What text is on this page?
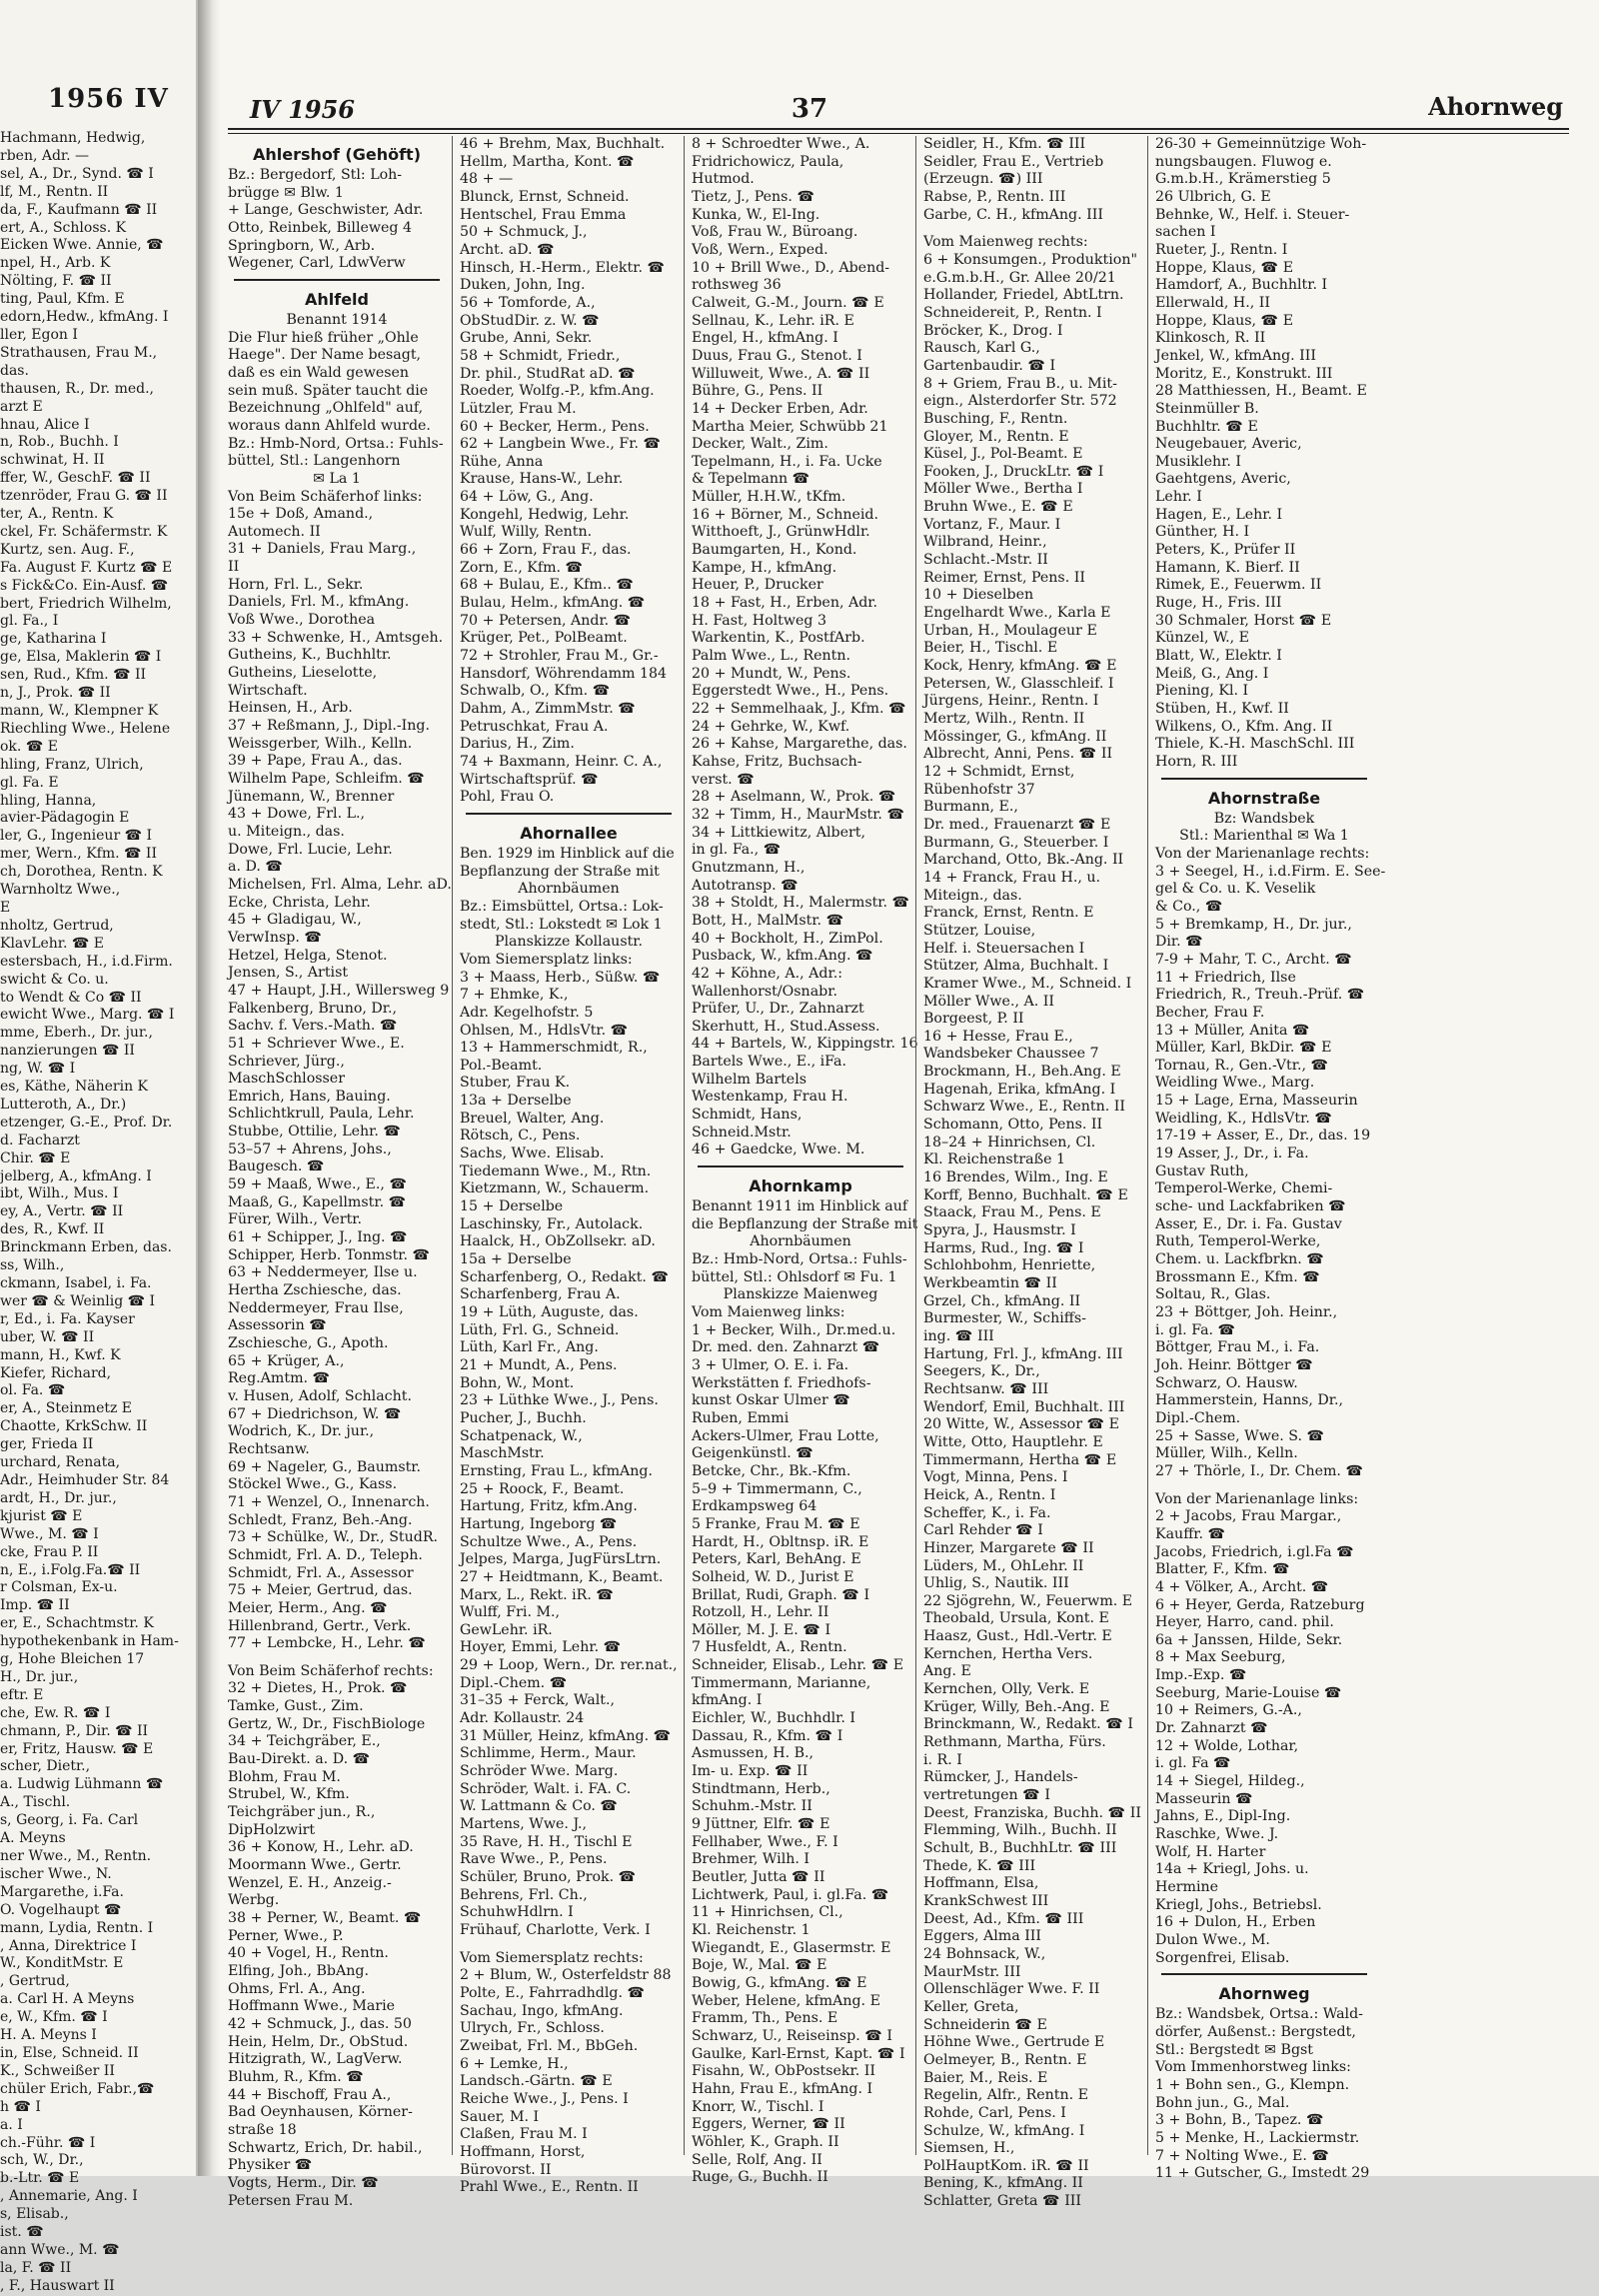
1956 IV
Hachmann, Hedwig,
rben, Adr. —
sel, A., Dr., Synd. ☎ I
lf, M., Rentn. II
da, F., Kaufmann ☎ II
ert, A., Schloss. K
Eicken Wwe. Annie, ☎
npel, H., Arb. K
Nölting, F. ☎ II
ting, Paul, Kfm. E
edorn,Hedw., kfmAng. I
ller, Egon I
Strathausen, Frau M.,
das.
thausen, R., Dr. med.,
arzt E
hnau, Alice I
n, Rob., Buchh. I
schwinat, H. II
ffer, W., GeschF. ☎ II
tzenröder, Frau G. ☎ II
ter, A., Rentn. K
ckel, Fr. Schäfermstr. K
Kurtz, sen. Aug. F.,
Fa. August F. Kurtz ☎ E
s Fick&Co. Ein-Ausf. ☎
bert, Friedrich Wilhelm,
gl. Fa., I
ge, Katharina I
ge, Elsa, Maklerin ☎ I
sen, Rud., Kfm. ☎ II
n, J., Prok. ☎ II
mann, W., Klempner K
Riechling Wwe., Helene
ok. ☎ E
hling, Franz, Ulrich,
gl. Fa. E
hling, Hanna,
avier-Pädagogin E
ler, G., Ingenieur ☎ I
mer, Wern., Kfm. ☎ II
ch, Dorothea, Rentn. K
Warnholtz Wwe.,
E
nholtz, Gertrud,
KlavLehr. ☎ E
estersbach, H., i.d.Firm.
swicht & Co. u.
to Wendt & Co ☎ II
ewicht Wwe., Marg. ☎ I
mme, Eberh., Dr. jur.,
nanzierungen ☎ II
ng, W. ☎ I
es, Käthe, Näherin K
Lutteroth, A., Dr.)
etzenger, G.-E., Prof. Dr.
d. Facharzt
Chir. ☎ E
jelberg, A., kfmAng. I
ibt, Wilh., Mus. I
ey, A., Vertr. ☎ II
des, R., Kwf. II
Brinckmann Erben, das.
ss, Wilh.,
ckmann, Isabel, i. Fa.
wer ☎ & Weinlig ☎ I
r, Ed., i. Fa. Kayser
uber, W. ☎ II
mann, H., Kwf. K
Kiefer, Richard,
ol. Fa. ☎
er, A., Steinmetz E
Chaotte, KrkSchw. II
ger, Frieda II
urchard, Renata,
Adr., Heimhuder Str. 84
ardt, H., Dr. jur.,
kjurist ☎ E
Wwe., M. ☎ I
cke, Frau P. II
n, E., i.Folg.Fa.☎ II
r Colsman, Ex-u.
Imp. ☎ II
er, E., Schachtmstr. K
hypothekenbank in Ham-
g, Hohe Bleichen 17
H., Dr. jur.,
eftr. E
che, Ew. R. ☎ I
chmann, P., Dir. ☎ II
er, Fritz, Hausw. ☎ E
scher, Dietr.,
a. Ludwig Lühmann ☎
A., Tischl.
s, Georg, i. Fa. Carl
A. Meyns
ner Wwe., M., Rentn.
ischer Wwe., N.
Margarethe, i.Fa.
O. Vogelhaupt ☎
mann, Lydia, Rentn. I
, Anna, Direktrice I
W., KonditMstr. E
, Gertrud,
a. Carl H. A Meyns
e, W., Kfm. ☎ I
H. A. Meyns I
in, Else, Schneid. II
K., Schweißer II
chüler Erich, Fabr.,☎
h ☎ I
a. I
ch.-Führ. ☎ I
sch, W., Dr.,
b.-Ltr. ☎ E
, Annemarie, Ang. I
s, Elisab.,
ist. ☎
ann Wwe., M. ☎
la, F. ☎ II
, F., Hauswart II
IV 1956	37	Ahornweg
Ahlershof (Gehöft)

Bz.: Bergedorf, Stl: Loh-

brügge ✉ Blw. 1

+ Lange, Geschwister, Adr.

Otto, Reinbek, Billeweg 4

Springborn, W., Arb.

Wegener, Carl, LdwVerw

Ahlfeld

Benannt 1914

Die Flur hieß früher „Ohle

Haege". Der Name besagt,

daß es ein Wald gewesen

sein muß. Später taucht die

Bezeichnung „Ohlfeld" auf,

woraus dann Ahlfeld wurde.

Bz.: Hmb-Nord, Ortsa.: Fuhls-

büttel, Stl.: Langenhorn

✉ La 1

Von Beim Schäferhof links:

15e + Doß, Amand.,

Automech. II

31 + Daniels, Frau Marg.,

II

Horn, Frl. L., Sekr.

Daniels, Frl. M., kfmAng.

Voß Wwe., Dorothea

33 + Schwenke, H., Amtsgeh.

Gutheins, K., Buchhltr.

Gutheins, Lieselotte,

Wirtschaft.

Heinsen, H., Arb.

37 + Reßmann, J., Dipl.-Ing.

Weissgerber, Wilh., Kelln.

39 + Pape, Frau A., das.

Wilhelm Pape, Schleifm. ☎

Jünemann, W., Brenner

43 + Dowe, Frl. L.,

u. Miteign., das.

Dowe, Frl. Lucie, Lehr.

a. D. ☎

Michelsen, Frl. Alma, Lehr. aD.

Ecke, Christa, Lehr.

45 + Gladigau, W.,

VerwInsp. ☎

Hetzel, Helga, Stenot.

Jensen, S., Artist

47 + Haupt, J.H., Willersweg 9

Falkenberg, Bruno, Dr.,

Sachv. f. Vers.-Math. ☎

51 + Schriever Wwe., E.

Schriever, Jürg.,

MaschSchlosser

Emrich, Hans, Bauing.

Schlichtkrull, Paula, Lehr.

Stubbe, Ottilie, Lehr. ☎

53–57 + Ahrens, Johs.,

Baugesch. ☎

59 + Maaß, Wwe., E., ☎

Maaß, G., Kapellmstr. ☎

Fürer, Wilh., Vertr.

61 + Schipper, J., Ing. ☎

Schipper, Herb. Tonmstr. ☎

63 + Neddermeyer, Ilse u.

Hertha Zschiesche, das.

Neddermeyer, Frau Ilse,

Assessorin ☎

Zschiesche, G., Apoth.

65 + Krüger, A.,

Reg.Amtm. ☎

v. Husen, Adolf, Schlacht.

67 + Diedrichson, W. ☎

Wodrich, K., Dr. jur.,

Rechtsanw.

69 + Nageler, G., Baumstr.

Stöckel Wwe., G., Kass.

71 + Wenzel, O., Innenarch.

Schledt, Franz, Beh.-Ang.

73 + Schülke, W., Dr., StudR.

Schmidt, Frl. A. D., Teleph.

Schmidt, Frl. A., Assessor

75 + Meier, Gertrud, das.

Meier, Herm., Ang. ☎

Hillenbrand, Gertr., Verk.

77 + Lembcke, H., Lehr. ☎

Von Beim Schäferhof rechts:

32 + Dietes, H., Prok. ☎

Tamke, Gust., Zim.

Gertz, W., Dr., FischBiologe

34 + Teichgräber, E.,

Bau-Direkt. a. D. ☎

Blohm, Frau M.

Strubel, W., Kfm.

Teichgräber jun., R.,

DipHolzwirt

36 + Konow, H., Lehr. aD.

Moormann Wwe., Gertr.

Wenzel, E. H., Anzeig.-

Werbg.

38 + Perner, W., Beamt. ☎

Perner, Wwe., P.

40 + Vogel, H., Rentn.

Elfing, Joh., BbAng.

Ohms, Frl. A., Ang.

Hoffmann Wwe., Marie

42 + Schmuck, J., das. 50

Hein, Helm, Dr., ObStud.

Hitzigrath, W., LagVerw.

Bluhm, R., Kfm. ☎

44 + Bischoff, Frau A.,

Bad Oeynhausen, Körner-

straße 18

Schwartz, Erich, Dr. habil.,

Physiker ☎

Vogts, Herm., Dir. ☎

Petersen Frau M.

46 + Brehm, Max, Buchhalt.

Hellm, Martha, Kont. ☎

48 + —

Blunck, Ernst, Schneid.

Hentschel, Frau Emma

50 + Schmuck, J.,

Archt. aD. ☎

Hinsch, H.-Herm., Elektr. ☎

Duken, John, Ing.

56 + Tomforde, A.,

ObStudDir. z. W. ☎

Grube, Anni, Sekr.

58 + Schmidt, Friedr.,

Dr. phil., StudRat aD. ☎

Roeder, Wolfg.-P., kfm.Ang.

Lützler, Frau M.

60 + Becker, Herm., Pens.

62 + Langbein Wwe., Fr. ☎

Rühe, Anna

Krause, Hans-W., Lehr.

64 + Löw, G., Ang.

Kongehl, Hedwig, Lehr.

Wulf, Willy, Rentn.

66 + Zorn, Frau F., das.

Zorn, E., Kfm. ☎

68 + Bulau, E., Kfm.. ☎

Bulau, Helm., kfmAng. ☎

70 + Petersen, Andr. ☎

Krüger, Pet., PolBeamt.

72 + Strohler, Frau M., Gr.-

Hansdorf, Wöhrendamm 184

Schwalb, O., Kfm. ☎

Dahm, A., ZimmMstr. ☎

Petruschkat, Frau A.

Darius, H., Zim.

74 + Baxmann, Heinr. C. A.,

Wirtschaftsprüf. ☎

Pohl, Frau O.

Ahornallee

Ben. 1929 im Hinblick auf die

Bepflanzung der Straße mit

Ahornbäumen

Bz.: Eimsbüttel, Ortsa.: Lok-

stedt, Stl.: Lokstedt ✉ Lok 1

Planskizze Kollaustr.

Vom Siemersplatz links:

3 + Maass, Herb., Süßw. ☎

7 + Ehmke, K.,

Adr. Kegelhofstr. 5

Ohlsen, M., HdlsVtr. ☎

13 + Hammerschmidt, R.,

Pol.-Beamt.

Stuber, Frau K.

13a + Derselbe

Breuel, Walter, Ang.

Rötsch, C., Pens.

Sachs, Wwe. Elisab.

Tiedemann Wwe., M., Rtn.

Kietzmann, W., Schauerm.

15 + Derselbe

Laschinsky, Fr., Autolack.

Haalck, H., ObZollsekr. aD.

15a + Derselbe

Scharfenberg, O., Redakt. ☎

Scharfenberg, Frau A.

19 + Lüth, Auguste, das.

Lüth, Frl. G., Schneid.

Lüth, Karl Fr., Ang.

21 + Mundt, A., Pens.

Bohn, W., Mont.

23 + Lüthke Wwe., J., Pens.

Pucher, J., Buchh.

Schatpenack, W.,

MaschMstr.

Ernsting, Frau L., kfmAng.

25 + Roock, F., Beamt.

Hartung, Fritz, kfm.Ang.

Hartung, Ingeborg ☎

Schultze Wwe., A., Pens.

Jelpes, Marga, JugFürsLtrn.

27 + Heidtmann, K., Beamt.

Marx, L., Rekt. iR. ☎

Wulff, Fri. M.,

GewLehr. iR.

Hoyer, Emmi, Lehr. ☎

29 + Loop, Wern., Dr. rer.nat.,

Dipl.-Chem. ☎

31–35 + Ferck, Walt.,

Adr. Kollaustr. 24

31 Müller, Heinz, kfmAng. ☎

Schlimme, Herm., Maur.

Schröder Wwe. Marg.

Schröder, Walt. i. FA. C.

W. Lattmann & Co. ☎

Martens, Wwe. J.,

35 Rave, H. H., Tischl E

Rave Wwe., P., Pens.

Schüler, Bruno, Prok. ☎

Behrens, Frl. Ch.,

SchuhwHdlrn. I

Frühauf, Charlotte, Verk. I

Vom Siemersplatz rechts:

2 + Blum, W., Osterfeldstr 88

Polte, E., Fahrradhdlg. ☎

Sachau, Ingo, kfmAng.

Ulrych, Fr., Schloss.

Zweibat, Frl. M., BbGeh.

6 + Lemke, H.,

Landsch.-Gärtn. ☎ E

Reiche Wwe., J., Pens. I

Sauer, M. I

Claßen, Frau M. I

Hoffmann, Horst,

Bürovorst. II

Prahl Wwe., E., Rentn. II

8 + Schroedter Wwe., A.

Fridrichowicz, Paula,

Hutmod.

Tietz, J., Pens. ☎

Kunka, W., El-Ing.

Voß, Frau W., Büroang.

Voß, Wern., Exped.

10 + Brill Wwe., D., Abend-

rothsweg 36

Calweit, G.-M., Journ. ☎ E

Sellnau, K., Lehr. iR. E

Engel, H., kfmAng. I

Duus, Frau G., Stenot. I

Willuweit, Wwe., A. ☎ II

Bühre, G., Pens. II

14 + Decker Erben, Adr.

Martha Meier, Schwübb 21

Decker, Walt., Zim.

Tepelmann, H., i. Fa. Ucke

& Tepelmann ☎

Müller, H.H.W., tKfm.

16 + Börner, M., Schneid.

Witthoeft, J., GrünwHdlr.

Baumgarten, H., Kond.

Kampe, H., kfmAng.

Heuer, P., Drucker

18 + Fast, H., Erben, Adr.

H. Fast, Holtweg 3

Warkentin, K., PostfArb.

Palm Wwe., L., Rentn.

20 + Mundt, W., Pens.

Eggerstedt Wwe., H., Pens.

22 + Semmelhaak, J., Kfm. ☎

24 + Gehrke, W., Kwf.

26 + Kahse, Margarethe, das.

Kahse, Fritz, Buchsach-

verst. ☎

28 + Aselmann, W., Prok. ☎

32 + Timm, H., MaurMstr. ☎

34 + Littkiewitz, Albert,

in gl. Fa., ☎

Gnutzmann, H.,

Autotransp. ☎

38 + Stoldt, H., Malermstr. ☎

Bott, H., MalMstr. ☎

40 + Bockholt, H., ZimPol.

Pusback, W., kfm.Ang. ☎

42 + Köhne, A., Adr.:

Wallenhorst/Osnabr.

Prüfer, U., Dr., Zahnarzt

Skerhutt, H., Stud.Assess.

44 + Bartels, W., Kippingstr. 16

Bartels Wwe., E., iFa.

Wilhelm Bartels

Westenkamp, Frau H.

Schmidt, Hans,

Schneid.Mstr.

46 + Gaedcke, Wwe. M.

Ahornkamp

Benannt 1911 im Hinblick auf

die Bepflanzung der Straße mit

Ahornbäumen

Bz.: Hmb-Nord, Ortsa.: Fuhls-

büttel, Stl.: Ohlsdorf ✉ Fu. 1

Planskizze Maienweg

Vom Maienweg links:

1 + Becker, Wilh., Dr.med.u.

Dr. med. den. Zahnarzt ☎

3 + Ulmer, O. E. i. Fa.

Werkstätten f. Friedhofs-

kunst Oskar Ulmer ☎

Ruben, Emmi

Ackers-Ulmer, Frau Lotte,

Geigenkünstl. ☎

Betcke, Chr., Bk.-Kfm.

5–9 + Timmermann, C.,

Erdkampsweg 64

5 Franke, Frau M. ☎ E

Hardt, H., Obltnsp. iR. E

Peters, Karl, BehAng. E

Solheid, W. D., Jurist E

Brillat, Rudi, Graph. ☎ I

Rotzoll, H., Lehr. II

Möller, M. J. E. ☎ I

7 Husfeldt, A., Rentn.

Schneider, Elisab., Lehr. ☎ E

Timmermann, Marianne,

kfmAng. I

Eichler, W., Buchhdlr. I

Dassau, R., Kfm. ☎ I

Asmussen, H. B.,

Im- u. Exp. ☎ II

Stindtmann, Herb.,

Schuhm.-Mstr. II

9 Jüttner, Elfr. ☎ E

Fellhaber, Wwe., F. I

Brehmer, Wilh. I

Beutler, Jutta ☎ II

Lichtwerk, Paul, i. gl.Fa. ☎

11 + Hinrichsen, Cl.,

Kl. Reichenstr. 1

Wiegandt, E., Glasermstr. E

Boje, W., Mal. ☎ E

Bowig, G., kfmAng. ☎ E

Weber, Helene, kfmAng. E

Framm, Th., Pens. E

Schwarz, U., Reiseinsp. ☎ I

Gaulke, Karl-Ernst, Kapt. ☎ I

Fisahn, W., ObPostsekr. II

Hahn, Frau E., kfmAng. I

Knorr, W., Tischl. I

Eggers, Werner, ☎ II

Wöhler, K., Graph. II

Selle, Rolf, Ang. II

Ruge, G., Buchh. II

Seidler, H., Kfm. ☎ III

Seidler, Frau E., Vertrieb

(Erzeugn. ☎) III

Rabse, P., Rentn. III

Garbe, C. H., kfmAng. III

Vom Maienweg rechts:

6 + Konsumgen., Produktion"

e.G.m.b.H., Gr. Allee 20/21

Hollander, Friedel, AbtLtrn.

Schneidereit, P., Rentn. I

Bröcker, K., Drog. I

Rausch, Karl G.,

Gartenbaudir. ☎ I

8 + Griem, Frau B., u. Mit-

eign., Alsterdorfer Str. 572

Busching, F., Rentn.

Gloyer, M., Rentn. E

Küsel, J., Pol-Beamt. E

Fooken, J., DruckLtr. ☎ I

Möller Wwe., Bertha I

Bruhn Wwe., E. ☎ E

Vortanz, F., Maur. I

Wilbrand, Heinr.,

Schlacht.-Mstr. II

Reimer, Ernst, Pens. II

10 + Dieselben

Engelhardt Wwe., Karla E

Urban, H., Moulageur E

Beier, H., Tischl. E

Kock, Henry, kfmAng. ☎ E

Petersen, W., Glasschleif. I

Jürgens, Heinr., Rentn. I

Mertz, Wilh., Rentn. II

Mössinger, G., kfmAng. II

Albrecht, Anni, Pens. ☎ II

12 + Schmidt, Ernst,

Rübenhofstr 37

Burmann, E.,

Dr. med., Frauenarzt ☎ E

Burmann, G., Steuerber. I

Marchand, Otto, Bk.-Ang. II

14 + Franck, Frau H., u.

Miteign., das.

Franck, Ernst, Rentn. E

Stützer, Louise,

Helf. i. Steuersachen I

Stützer, Alma, Buchhalt. I

Kramer Wwe., M., Schneid. I

Möller Wwe., A. II

Borgeest, P. II

16 + Hesse, Frau E.,

Wandsbeker Chaussee 7

Brockmann, H., Beh.Ang. E

Hagenah, Erika, kfmAng. I

Schwarz Wwe., E., Rentn. II

Schomann, Otto, Pens. II

18–24 + Hinrichsen, Cl.

Kl. Reichenstraße 1

16 Brendes, Wilm., Ing. E

Korff, Benno, Buchhalt. ☎ E

Staack, Frau M., Pens. E

Spyra, J., Hausmstr. I

Harms, Rud., Ing. ☎ I

Schlohbohm, Henriette,

Werkbeamtin ☎ II

Grzel, Ch., kfmAng. II

Burmester, W., Schiffs-

ing. ☎ III

Hartung, Frl. J., kfmAng. III

Seegers, K., Dr.,

Rechtsanw. ☎ III

Wendorf, Emil, Buchhalt. III

20 Witte, W., Assessor ☎ E

Witte, Otto, Hauptlehr. E

Timmermann, Hertha ☎ E

Vogt, Minna, Pens. I

Heick, A., Rentn. I

Scheffer, K., i. Fa.

Carl Rehder ☎ I

Hinzer, Margarete ☎ II

Lüders, M., OhLehr. II

Uhlig, S., Nautik. III

22 Sjögrehn, W., Feuerwm. E

Theobald, Ursula, Kont. E

Haasz, Gust., Hdl.-Vertr. E

Kernchen, Hertha Vers.

Ang. E

Kernchen, Olly, Verk. E

Krüger, Willy, Beh.-Ang. E

Brinckmann, W., Redakt. ☎ I

Rethmann, Martha, Fürs.

i. R. I

Rümcker, J., Handels-

vertretungen ☎ I

Deest, Franziska, Buchh. ☎ II

Flemming, Wilh., Buchh. II

Schult, B., BuchhLtr. ☎ III

Thede, K. ☎ III

Hoffmann, Elsa,

KrankSchwest III

Deest, Ad., Kfm. ☎ III

Eggers, Alma III

24 Bohnsack, W.,

MaurMstr. III

Ollenschläger Wwe. F. II

Keller, Greta,

Schneiderin ☎ E

Höhne Wwe., Gertrude E

Oelmeyer, B., Rentn. E

Baier, M., Reis. E

Regelin, Alfr., Rentn. E

Rohde, Carl, Pens. I

Schulze, W., kfmAng. I

Siemsen, H.,

PolHauptKom. iR. ☎ II

Bening, K., kfmAng. II

Schlatter, Greta ☎ III

26-30 + Gemeinnützige Woh-

nungsbaugen. Fluwog e.

G.m.b.H., Krämerstieg 5

26 Ulbrich, G. E

Behnke, W., Helf. i. Steuer-

sachen I

Rueter, J., Rentn. I

Hoppe, Klaus, ☎ E

Hamdorf, A., Buchhltr. I

Ellerwald, H., II

Hoppe, Klaus, ☎ E

Klinkosch, R. II

Jenkel, W., kfmAng. III

Moritz, E., Konstrukt. III

28 Matthiessen, H., Beamt. E

Steinmüller B.

Buchhltr. ☎ E

Neugebauer, Averic,

Musiklehr. I

Gaehtgens, Averic,

Lehr. I

Hagen, E., Lehr. I

Günther, H. I

Peters, K., Prüfer II

Hamann, K. Bierf. II

Rimek, E., Feuerwm. II

Ruge, H., Fris. III

30 Schmaler, Horst ☎ E

Künzel, W., E

Blatt, W., Elektr. I

Meiß, G., Ang. I

Piening, Kl. I

Stüben, H., Kwf. II

Wilkens, O., Kfm. Ang. II

Thiele, K.-H. MaschSchl. III

Horn, R. III

Ahornstraße

Bz: Wandsbek

Stl.: Marienthal ✉ Wa 1

Von der Marienanlage rechts:

3 + Seegel, H., i.d.Firm. E. See-

gel & Co. u. K. Veselik

& Co., ☎

5 + Bremkamp, H., Dr. jur.,

Dir. ☎

7-9 + Mahr, T. C., Archt. ☎

11 + Friedrich, Ilse

Friedrich, R., Treuh.-Prüf. ☎

Becher, Frau F.

13 + Müller, Anita ☎

Müller, Karl, BkDir. ☎ E

Tornau, R., Gen.-Vtr., ☎

Weidling Wwe., Marg.

15 + Lage, Erna, Masseurin

Weidling, K., HdlsVtr. ☎

17-19 + Asser, E., Dr., das. 19

19 Asser, J., Dr., i. Fa.

Gustav Ruth,

Temperol-Werke, Chemi-

sche- und Lackfabriken ☎

Asser, E., Dr. i. Fa. Gustav

Ruth, Temperol-Werke,

Chem. u. Lackfbrkn. ☎

Brossmann E., Kfm. ☎

Soltau, R., Glas.

23 + Böttger, Joh. Heinr.,

i. gl. Fa. ☎

Böttger, Frau M., i. Fa.

Joh. Heinr. Böttger ☎

Schwarz, O. Hausw.

Hammerstein, Hanns, Dr.,

Dipl.-Chem.

25 + Sasse, Wwe. S. ☎

Müller, Wilh., Kelln.

27 + Thörle, I., Dr. Chem. ☎

Von der Marienanlage links:

2 + Jacobs, Frau Margar.,

Kauffr. ☎

Jacobs, Friedrich, i.gl.Fa ☎

Blatter, F., Kfm. ☎

4 + Völker, A., Archt. ☎

6 + Heyer, Gerda, Ratzeburg

Heyer, Harro, cand. phil.

6a + Janssen, Hilde, Sekr.

8 + Max Seeburg,

Imp.-Exp. ☎

Seeburg, Marie-Louise ☎

10 + Reimers, G.-A.,

Dr. Zahnarzt ☎

12 + Wolde, Lothar,

i. gl. Fa ☎

14 + Siegel, Hildeg.,

Masseurin ☎

Jahns, E., Dipl-Ing.

Raschke, Wwe. J.

Wolf, H. Harter

14a + Kriegl, Johs. u.

Hermine

Kriegl, Johs., Betriebsl.

16 + Dulon, H., Erben

Dulon Wwe., M.

Sorgenfrei, Elisab.

Ahornweg

Bz.: Wandsbek, Ortsa.: Wald-

dörfer, Außenst.: Bergstedt,

Stl.: Bergstedt ✉ Bgst

Vom Immenhorstweg links:

1 + Bohn sen., G., Klempn.

Bohn jun., G., Mal.

3 + Bohn, B., Tapez. ☎

5 + Menke, H., Lackiermstr.

7 + Nolting Wwe., E. ☎

11 + Gutscher, G., Imstedt 29
